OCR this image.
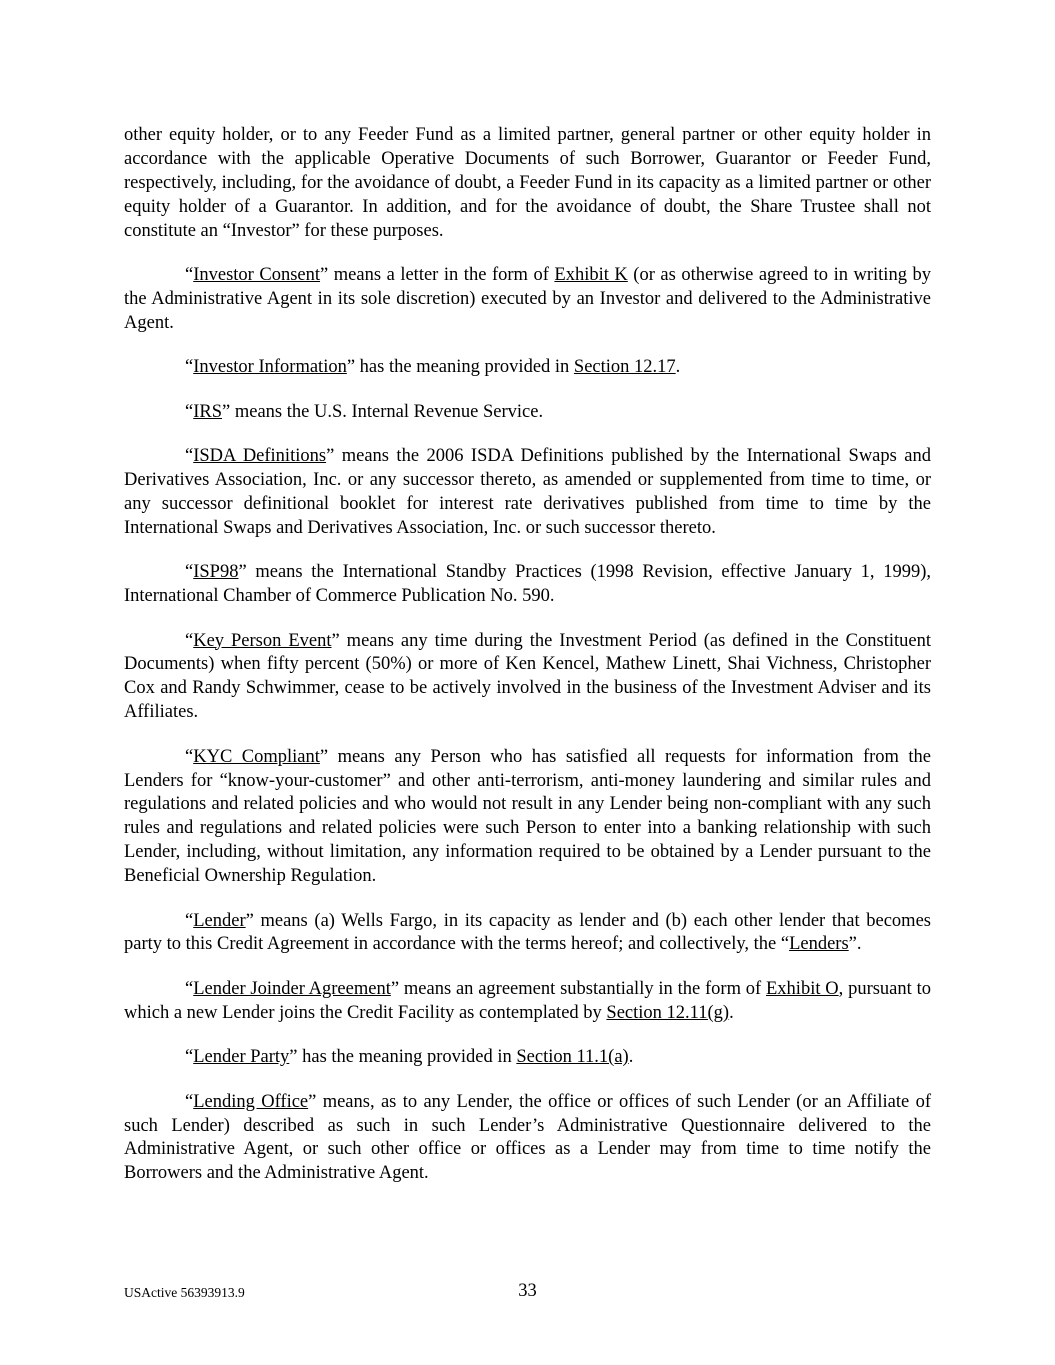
other equity holder, or to any Feeder Fund as a limited partner, general partner or other equity holder in accordance with the applicable Operative Documents of such Borrower, Guarantor or Feeder Fund, respectively, including, for the avoidance of doubt, a Feeder Fund in its capacity as a limited partner or other equity holder of a Guarantor. In addition, and for the avoidance of doubt, the Share Trustee shall not constitute an “Investor” for these purposes.

“Investor Consent” means a letter in the form of Exhibit K (or as otherwise agreed to in writing by the Administrative Agent in its sole discretion) executed by an Investor and delivered to the Administrative Agent.

“Investor Information” has the meaning provided in Section 12.17.

“IRS” means the U.S. Internal Revenue Service.

“ISDA Definitions” means the 2006 ISDA Definitions published by the International Swaps and Derivatives Association, Inc. or any successor thereto, as amended or supplemented from time to time, or any successor definitional booklet for interest rate derivatives published from time to time by the International Swaps and Derivatives Association, Inc. or such successor thereto.

“ISP98” means the International Standby Practices (1998 Revision, effective January 1, 1999), International Chamber of Commerce Publication No. 590.

“Key Person Event” means any time during the Investment Period (as defined in the Constituent Documents) when fifty percent (50%) or more of Ken Kencel, Mathew Linett, Shai Vichness, Christopher Cox and Randy Schwimmer, cease to be actively involved in the business of the Investment Adviser and its Affiliates.

“KYC Compliant” means any Person who has satisfied all requests for information from the Lenders for “know-your-customer” and other anti-terrorism, anti-money laundering and similar rules and regulations and related policies and who would not result in any Lender being non-compliant with any such rules and regulations and related policies were such Person to enter into a banking relationship with such Lender, including, without limitation, any information required to be obtained by a Lender pursuant to the Beneficial Ownership Regulation.

“Lender” means (a) Wells Fargo, in its capacity as lender and (b) each other lender that becomes party to this Credit Agreement in accordance with the terms hereof; and collectively, the “Lenders”.

“Lender Joinder Agreement” means an agreement substantially in the form of Exhibit O, pursuant to which a new Lender joins the Credit Facility as contemplated by Section 12.11(g).

“Lender Party” has the meaning provided in Section 11.1(a).

“Lending Office” means, as to any Lender, the office or offices of such Lender (or an Affiliate of such Lender) described as such in such Lender’s Administrative Questionnaire delivered to the Administrative Agent, or such other office or offices as a Lender may from time to time notify the Borrowers and the Administrative Agent.

USActive 56393913.9	33
